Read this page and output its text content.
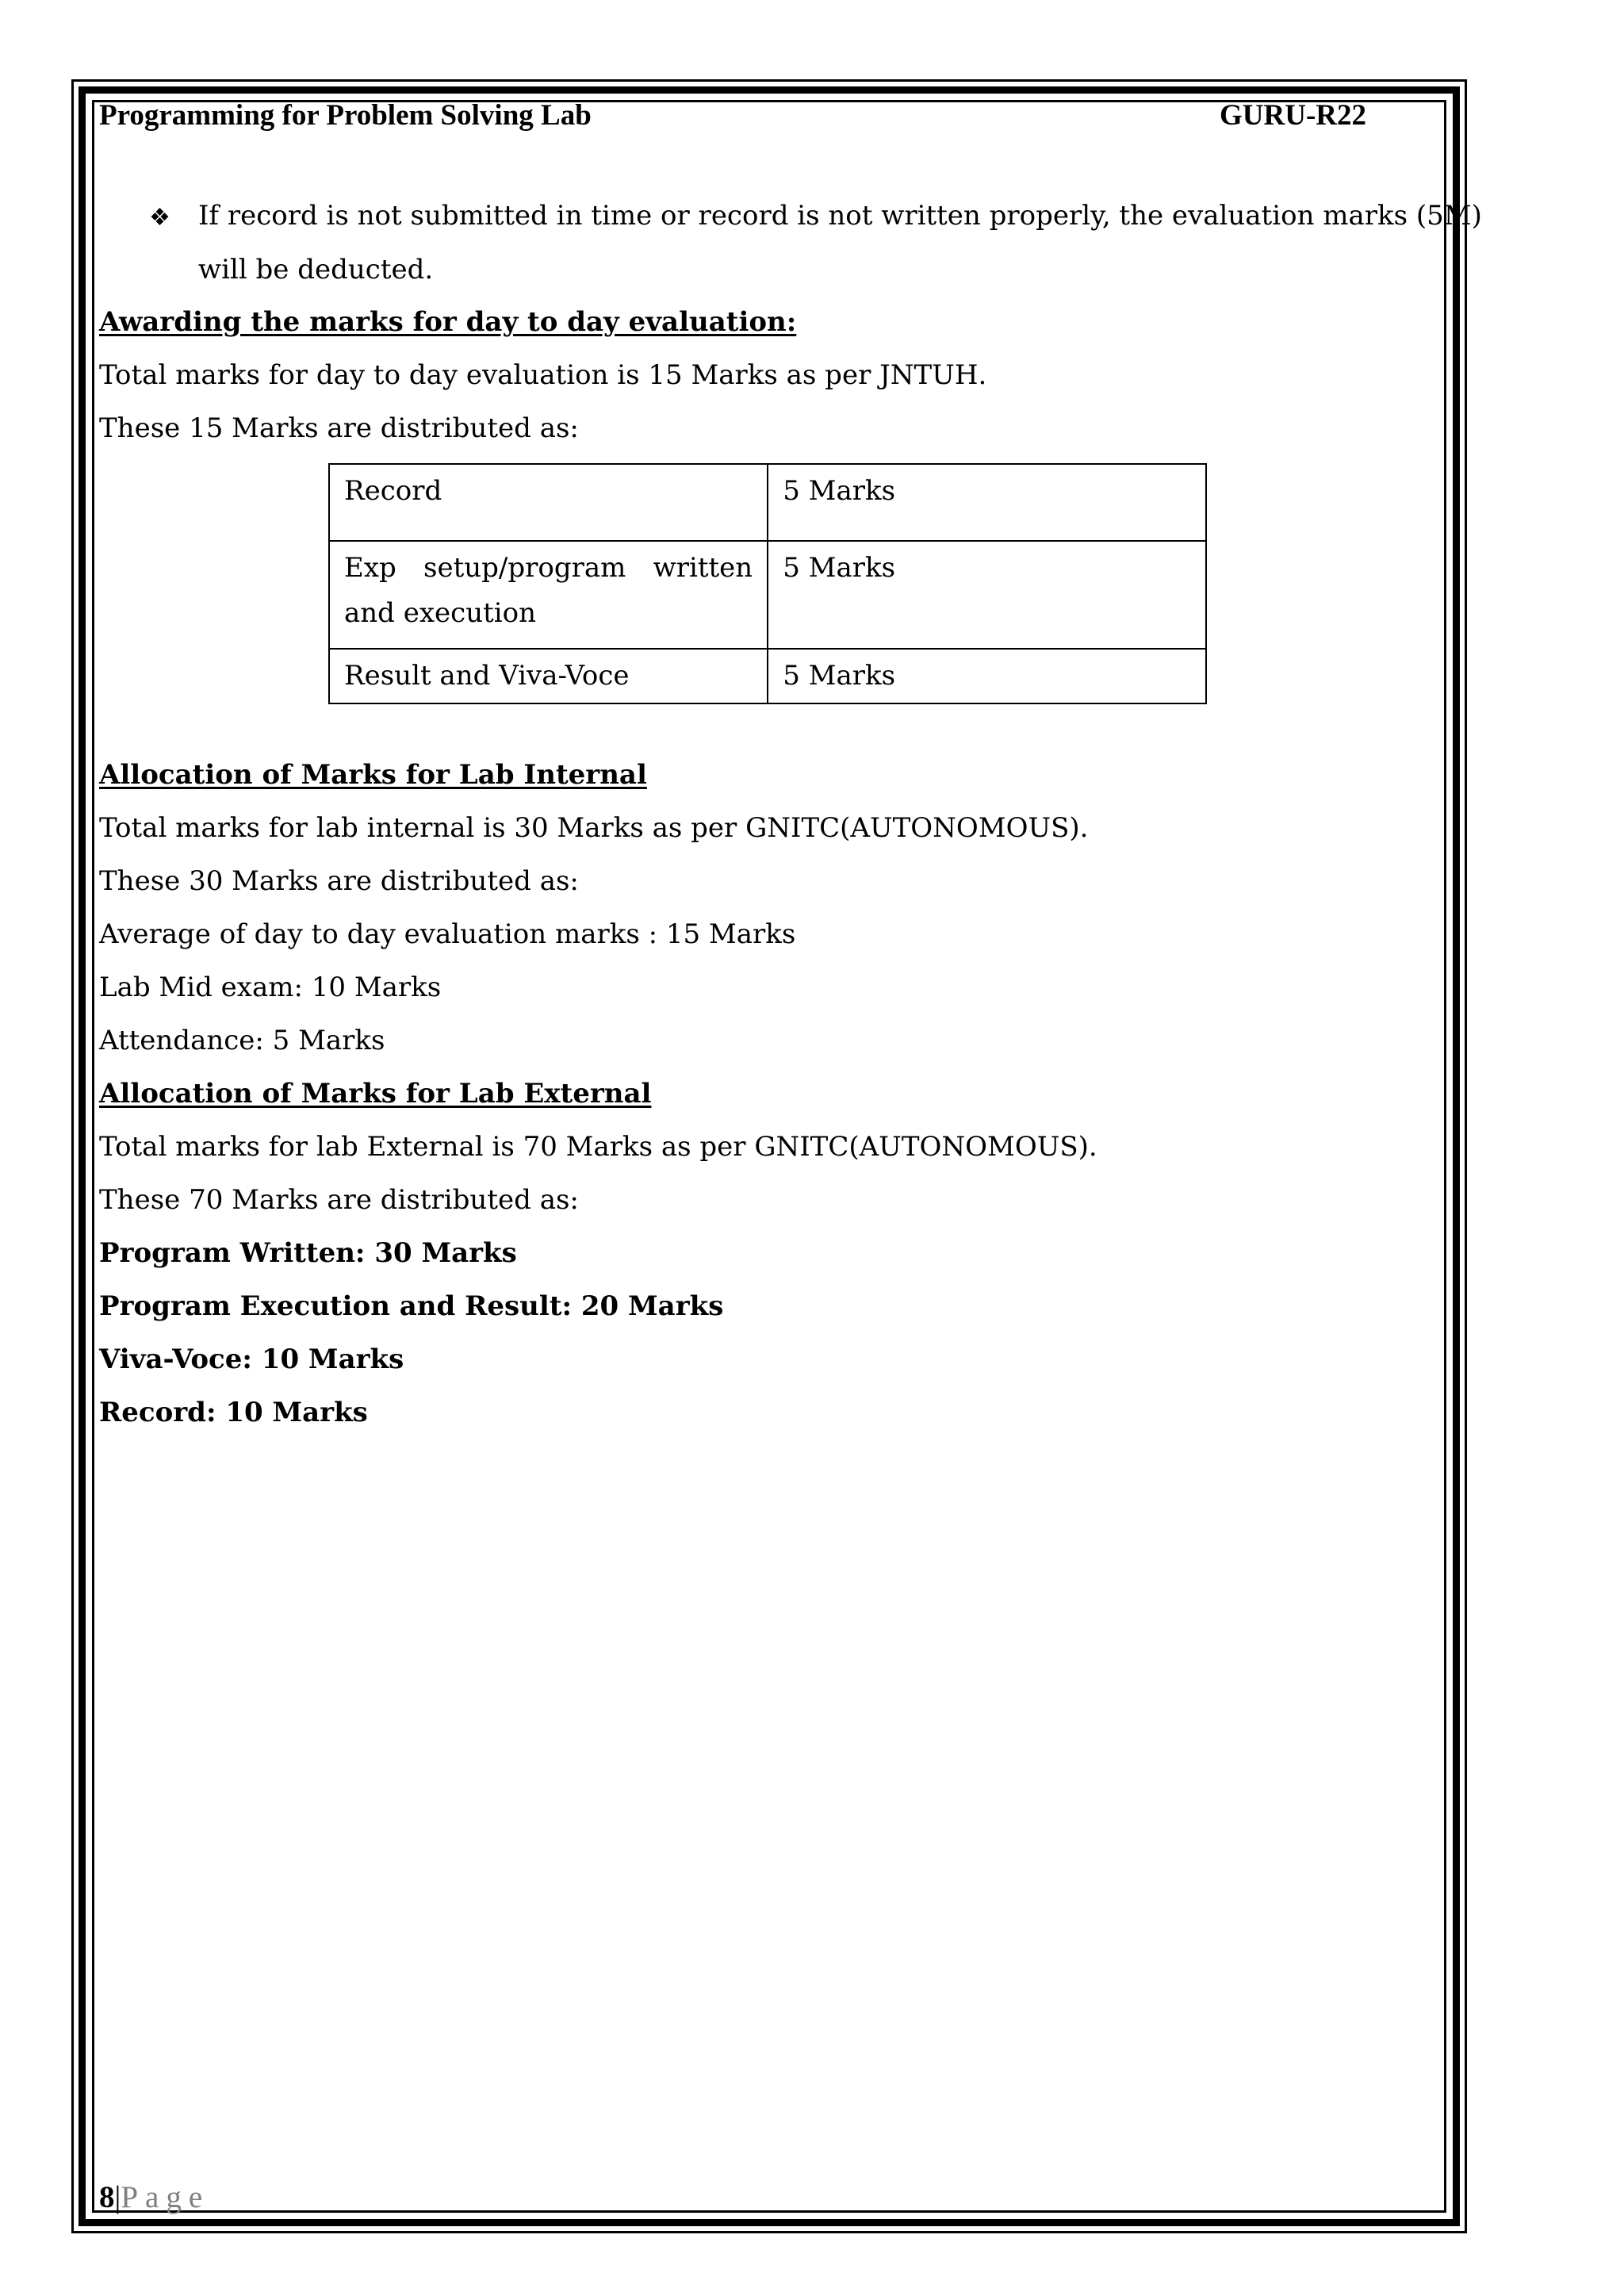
Programming for Problem Solving Lab	GURU-R22
❖ If record is not submitted in time or record is not written properly, the evaluation marks (5M)
will be deducted.
Awarding the marks for day to day evaluation:
Total marks for day to day evaluation is 15 Marks as per JNTUH.
These 15 Marks are distributed as:
Record	5 Marks

Exp setup/program written
and execution	5 Marks
Result and Viva-Voce	5 Marks
Allocation of Marks for Lab Internal
Total marks for lab internal is 30 Marks as per GNITC(AUTONOMOUS).
These 30 Marks are distributed as:
Average of day to day evaluation marks : 15 Marks
Lab Mid exam: 10 Marks
Attendance: 5 Marks
Allocation of Marks for Lab External
Total marks for lab External is 70 Marks as per GNITC(AUTONOMOUS).
These 70 Marks are distributed as:
Program Written: 30 Marks
Program Execution and Result: 20 Marks
Viva-Voce: 10 Marks
Record: 10 Marks
8|Page
